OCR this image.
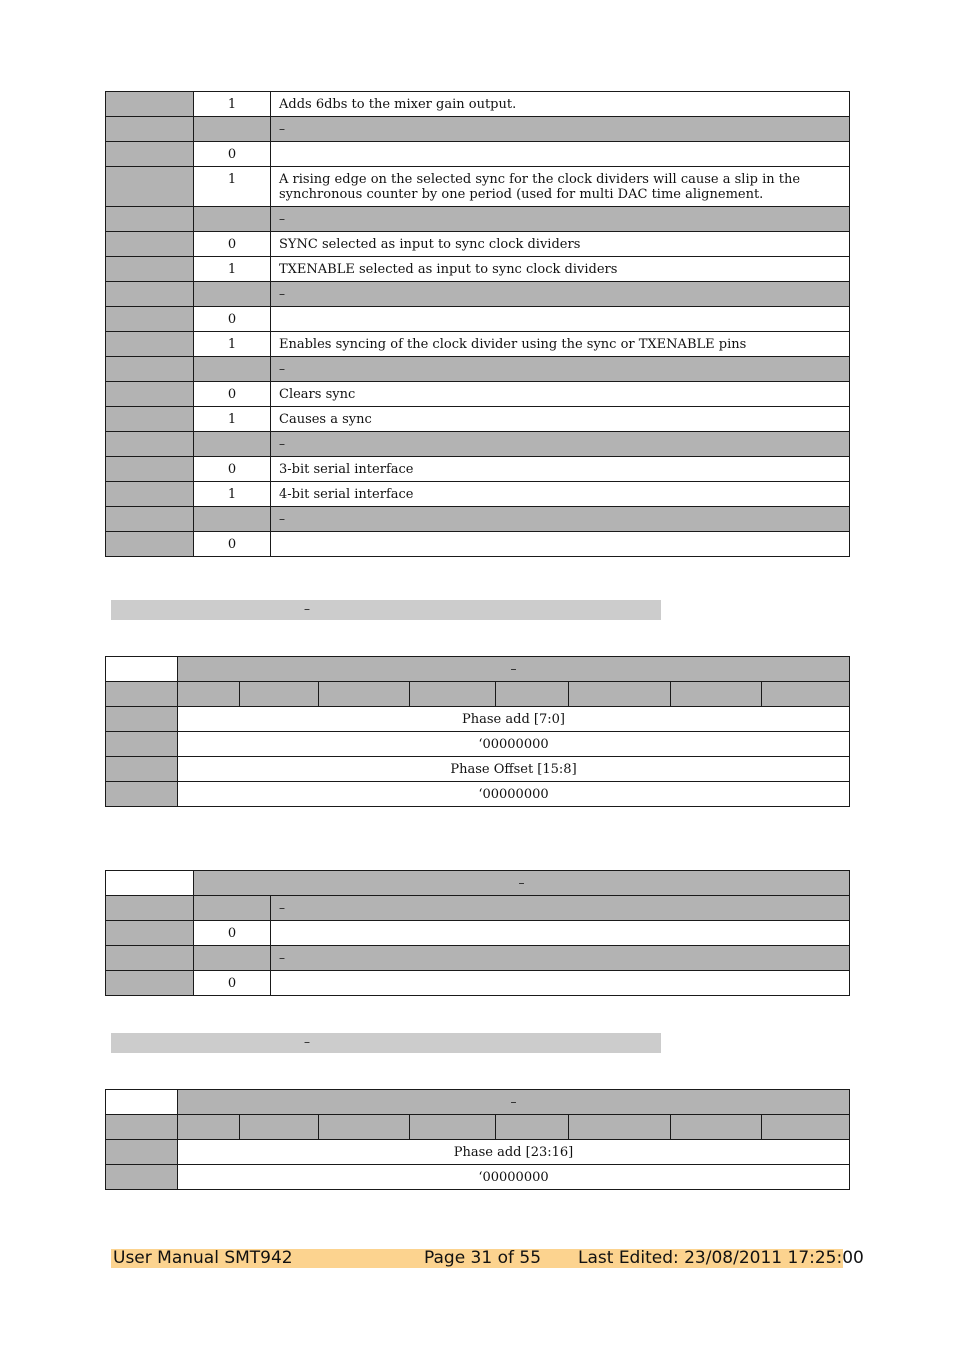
	1	Adds 6dbs to the mixer gain output.
		–
	0	
	1	A rising edge on the selected sync for the clock dividers will cause a slip in the synchronous counter by one period (used for multi DAC time alignement.
		–
	0	SYNC selected as input to sync clock dividers
	1	TXENABLE selected as input to sync clock dividers
		–
	0	
	1	Enables syncing of the clock divider using the sync or TXENABLE pins
		–
	0	Clears sync
	1	Causes a sync
		–
	0	3-bit serial interface
	1	4-bit serial interface
		–
	0	
–
	–							

	Phase add [7:0]							
	‘00000000							
	Phase Offset [15:8]							
	‘00000000							
	–	
		–
	0	
		–
	0	
–
	–							

	Phase add [23:16]							
	‘00000000							
User Manual SMT942	Page 31 of 55 Last Edited: 23/08/2011 17:25:00
